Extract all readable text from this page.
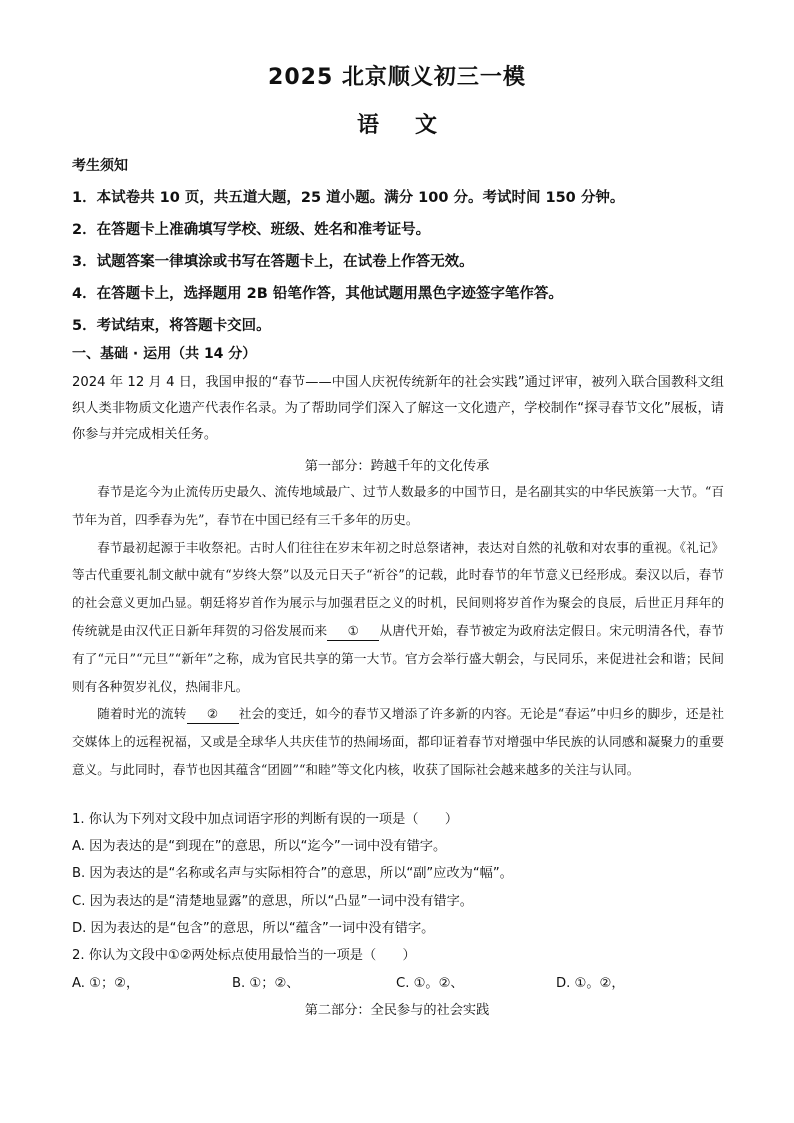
2025 北京顺义初三一模
语文
考生须知
1．本试卷共 10 页，共五道大题，25 道小题。满分 100 分。考试时间 150 分钟。
2．在答题卡上准确填写学校、班级、姓名和准考证号。
3．试题答案一律填涂或书写在答题卡上，在试卷上作答无效。
4．在答题卡上，选择题用 2B 铅笔作答，其他试题用黑色字迹签字笔作答。
5．考试结束，将答题卡交回。
一、基础 · 运用（共 14 分）
2024 年 12 月 4 日，我国申报的“春节——中国人庆祝传统新年的社会实践”通过评审，被列入联合国教科文组织人类非物质文化遗产代表作名录。为了帮助同学们深入了解这一文化遗产，学校制作“探寻春节文化”展板，请你参与并完成相关任务。
第一部分：跨越千年的文化传承

春节是迄今为止流传历史最久、流传地域最广、过节人数最多的中国节日，是名副其实的中华民族第一大节。“百节年为首，四季春为先”，春节在中国已经有三千多年的历史。

春节最初起源于丰收祭祀。古时人们往往在岁末年初之时总祭诸神，表达对自然的礼敬和对农事的重视。《礼记》等古代重要礼制文献中就有“岁终大祭”以及元日天子“祈谷”的记载，此时春节的年节意义已经形成。秦汉以后，春节的社会意义更加凸显。朝廷将岁首作为展示与加强君臣之义的时机，民间则将岁首作为聚会的良辰，后世正月拜年的传统就是由汉代正日新年拜贺的习俗发展而来 ① 从唐代开始，春节被定为政府法定假日。宋元明清各代，春节有了“元日”“元旦”“新年”之称，成为官民共享的第一大节。官方会举行盛大朝会，与民同乐，来促进社会和谐；民间则有各种贺岁礼仪，热闹非凡。

随着时光的流转 ② 社会的变迁，如今的春节又增添了许多新的内容。无论是“春运”中归乡的脚步，还是社交媒体上的远程祝福，又或是全球华人共庆佳节的热闹场面，都印证着春节对增强中华民族的认同感和凝聚力的重要意义。与此同时，春节也因其蕴含“团圆”“和睦”等文化内核，收获了国际社会越来越多的关注与认同。

1. 你认为下列对文段中加点词语字形的判断有误的一项是（　　）
A. 因为表达的是“到现在”的意思，所以“迄今”一词中没有错字。
B. 因为表达的是“名称或名声与实际相符合”的意思，所以“副”应改为“幅”。
C. 因为表达的是“清楚地显露”的意思，所以“凸显”一词中没有错字。
D. 因为表达的是“包含”的意思，所以“蕴含”一词中没有错字。
2. 你认为文段中①②两处标点使用最恰当的一项是（　　）
A. ①；②，	B. ①；②、	C. ①。②、	D. ①。②，
第二部分：全民参与的社会实践
